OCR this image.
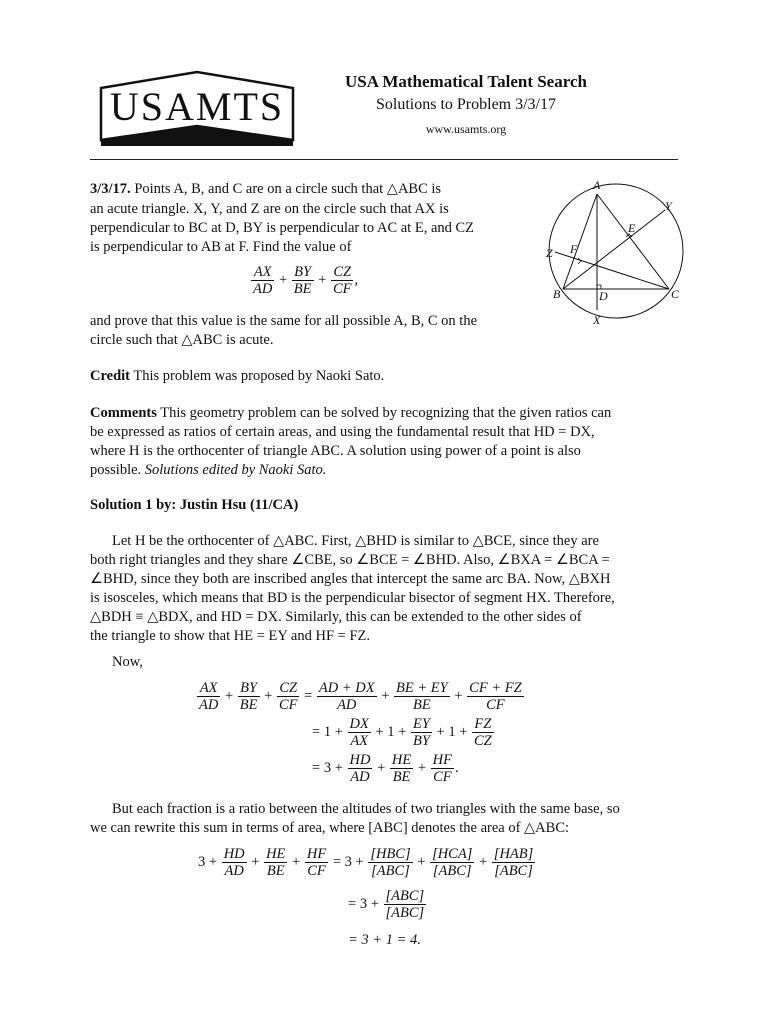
USAMTS
USA Mathematical Talent Search
Solutions to Problem 3/3/17
www.usamts.org
3/3/17. Points A, B, and C are on a circle such that △ABC is
an acute triangle. X, Y, and Z are on the circle such that AX is
perpendicular to BC at D, BY is perpendicular to AC at E, and CZ
is perpendicular to AB at F. Find the value of
$\frac{AX}{AD} + \frac{BY}{BE} + \frac{CZ}{CF}$ ,
and prove that this value is the same for all possible A, B, C on the
circle such that △ABC is acute.
A
B	C
D
E
F
X
Y
Z
Credit This problem was proposed by Naoki Sato.
Comments This geometry problem can be solved by recognizing that the given ratios can
be expressed as ratios of certain areas, and using the fundamental result that HD = DX,
where H is the orthocenter of triangle ABC. A solution using power of a point is also
possible. Solutions edited by Naoki Sato.
Solution 1 by: Justin Hsu (11/CA)
Let H be the orthocenter of △ABC. First, △BHD is similar to △BCE, since they are
both right triangles and they share ∠CBE, so ∠BCE = ∠BHD. Also, ∠BXA = ∠BCA =
∠BHD, since they both are inscribed angles that intercept the same arc BA. Now, △BXH
is isosceles, which means that BD is the perpendicular bisector of segment HX. Therefore,
△BDH ≡ △BDX, and HD = DX. Similarly, this can be extended to the other sides of
the triangle to show that HE = EY and HF = FZ.
Now,
$\frac{AX}{AD} + \frac{BY}{BE} + \frac{CZ}{CF} = \frac{AD + DX}{AD} + \frac{BE + EY}{BE} + \frac{CF + FZ}{CF}$
= $1 + \frac{DX}{AX} + 1 + \frac{EY}{BY} + 1 + \frac{FZ}{CZ}$
= $3 + \frac{HD}{AD} + \frac{HE}{BE} + \frac{HF}{CF}$ .
But each fraction is a ratio between the altitudes of two triangles with the same base, so
we can rewrite this sum in terms of area, where [ABC] denotes the area of △ABC:
$3 + \frac{HD}{AD} + \frac{HE}{BE} + \frac{HF}{CF} = 3 + \frac{\text{[HBC]}}{\text{[ABC]}} + \frac{\text{[HCA]}}{\text{[ABC]}} + \frac{\text{[HAB]}}{\text{[ABC]}}$
= $3 + \frac{\text{[ABC]}}{\text{[ABC]}}$
= 3 + 1 = 4.
